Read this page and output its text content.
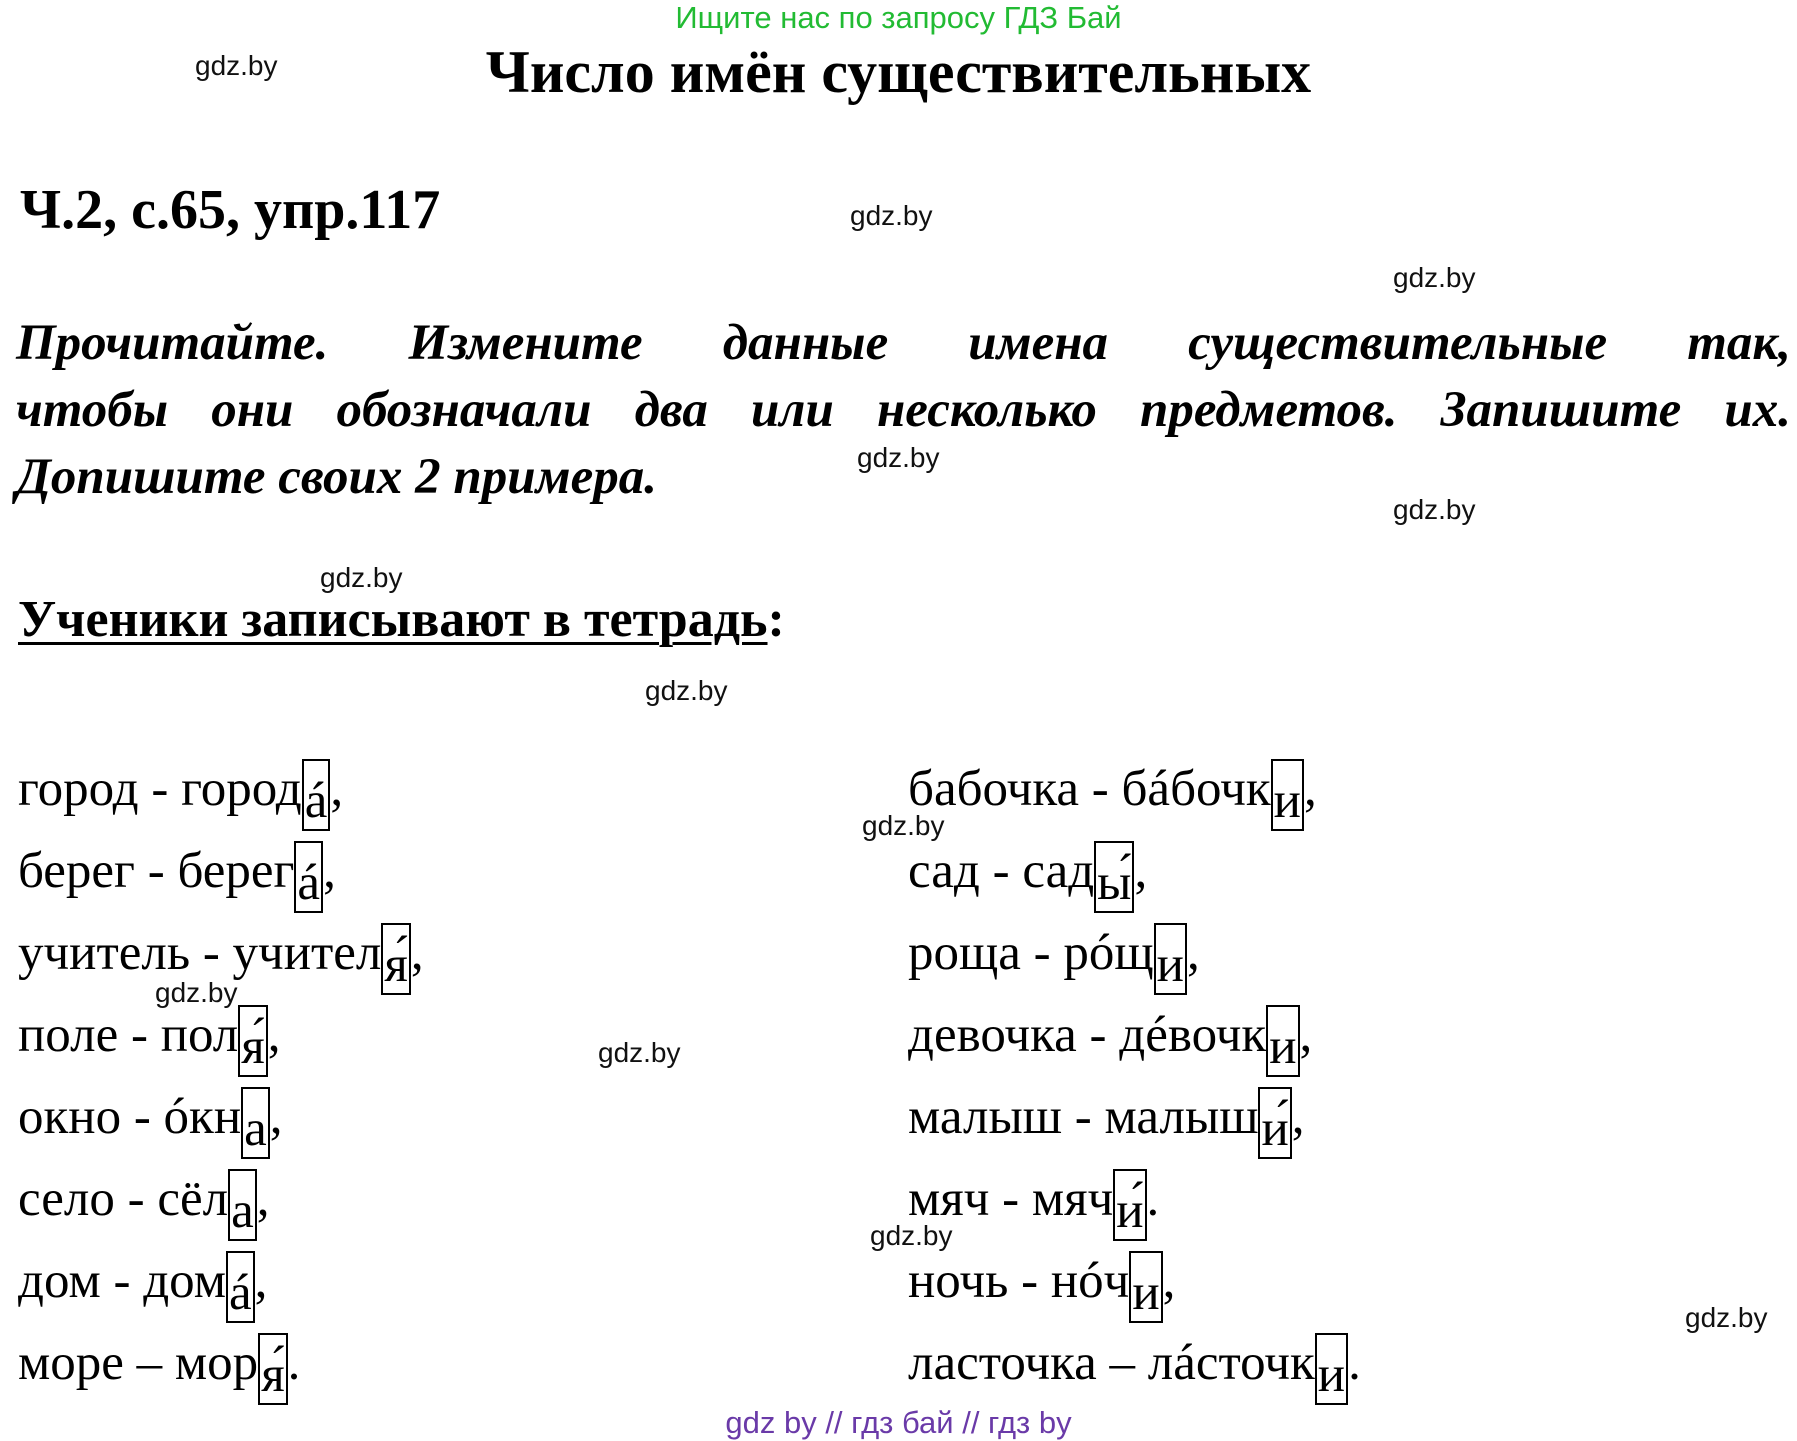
Ищите нас по запросу ГДЗ Бай
Число имён существительных
Ч.2, с.65, упр.117
Прочитайте. Измените данные имена существительные так,
чтобы они обозначали два или несколько предметов. Запишите их.
Допишите своих 2 примера.
Ученики записывают в тетрадь:
город - городá,
берег - берегá,
учитель - учителя́,
поле - поля́,
окно - óкна,
село - сёла,
дом - домá,
море – моря́.
бабочка - бáбочки,
сад - сады́,
роща - рóщи,
девочка - дéвочки,
малыш - малыши́,
мяч - мячи́.
ночь - нóчи,
ласточка – лáсточки.
gdz.by
gdz.by
gdz.by
gdz.by
gdz.by
gdz.by
gdz.by
gdz.by
gdz.by
gdz.by
gdz.by
gdz.by
gdz by // гдз бай // гдз by
